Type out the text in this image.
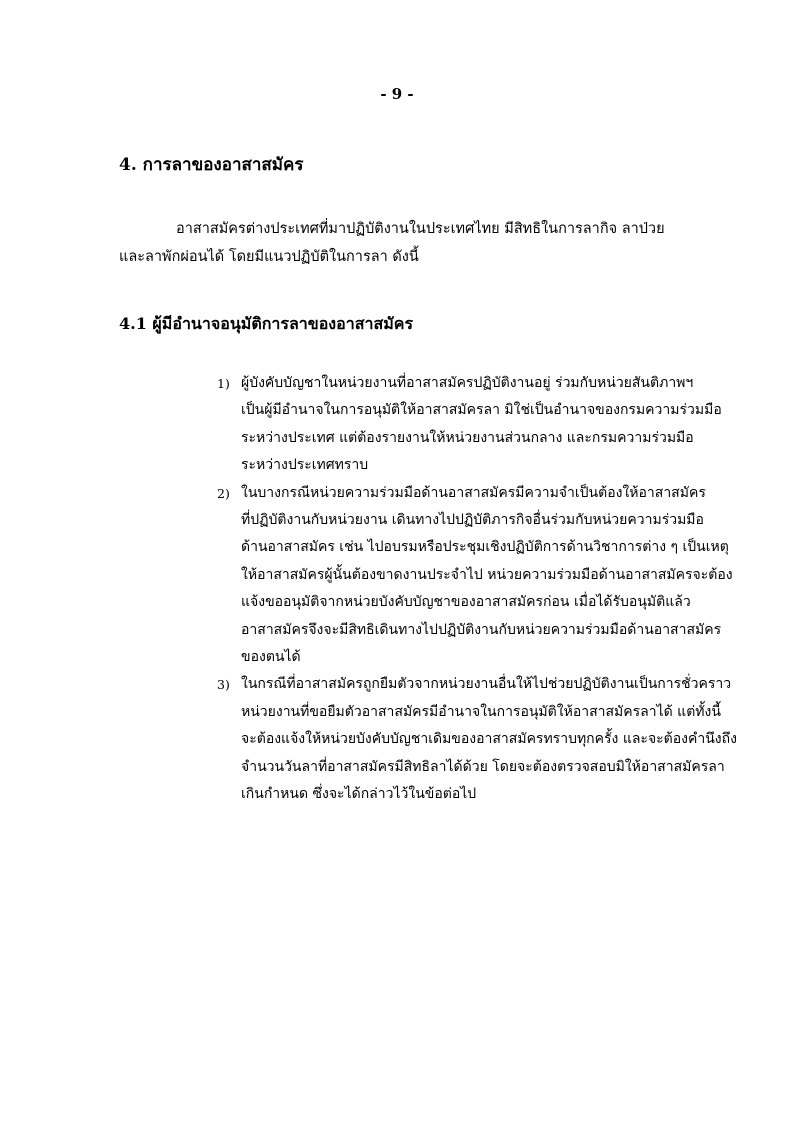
- 9 -
4. การลาของอาสาสมัคร
อาสาสมัครต่างประเทศที่มาปฏิบัติงานในประเทศไทย มีสิทธิในการลากิจ ลาป่วย
และลาพักผ่อนได้ โดยมีแนวปฏิบัติในการลา ดังนี้
4.1 ผู้มีอำนาจอนุมัติการลาของอาสาสมัคร
1) ผู้บังคับบัญชาในหน่วยงานที่อาสาสมัครปฏิบัติงานอยู่ ร่วมกับหน่วยสันติภาพฯ
เป็นผู้มีอำนาจในการอนุมัติให้อาสาสมัครลา มิใช่เป็นอำนาจของกรมความร่วมมือ
ระหว่างประเทศ แต่ต้องรายงานให้หน่วยงานส่วนกลาง และกรมความร่วมมือ
ระหว่างประเทศทราบ
2) ในบางกรณีหน่วยความร่วมมือด้านอาสาสมัครมีความจำเป็นต้องให้อาสาสมัคร
ที่ปฏิบัติงานกับหน่วยงาน เดินทางไปปฏิบัติภารกิจอื่นร่วมกับหน่วยความร่วมมือ
ด้านอาสาสมัคร เช่น ไปอบรมหรือประชุมเชิงปฏิบัติการด้านวิชาการต่าง ๆ เป็นเหตุ
ให้อาสาสมัครผู้นั้นต้องขาดงานประจำไป หน่วยความร่วมมือด้านอาสาสมัครจะต้อง
แจ้งขออนุมัติจากหน่วยบังคับบัญชาของอาสาสมัครก่อน เมื่อได้รับอนุมัติแล้ว
อาสาสมัครจึงจะมีสิทธิเดินทางไปปฏิบัติงานกับหน่วยความร่วมมือด้านอาสาสมัคร
ของตนได้
3) ในกรณีที่อาสาสมัครถูกยืมตัวจากหน่วยงานอื่นให้ไปช่วยปฏิบัติงานเป็นการชั่วคราว
หน่วยงานที่ขอยืมตัวอาสาสมัครมีอำนาจในการอนุมัติให้อาสาสมัครลาได้ แต่ทั้งนี้
จะต้องแจ้งให้หน่วยบังคับบัญชาเดิมของอาสาสมัครทราบทุกครั้ง และจะต้องคำนึงถึง
จำนวนวันลาที่อาสาสมัครมีสิทธิลาได้ด้วย โดยจะต้องตรวจสอบมิให้อาสาสมัครลา
เกินกำหนด ซึ่งจะได้กล่าวไว้ในข้อต่อไป
